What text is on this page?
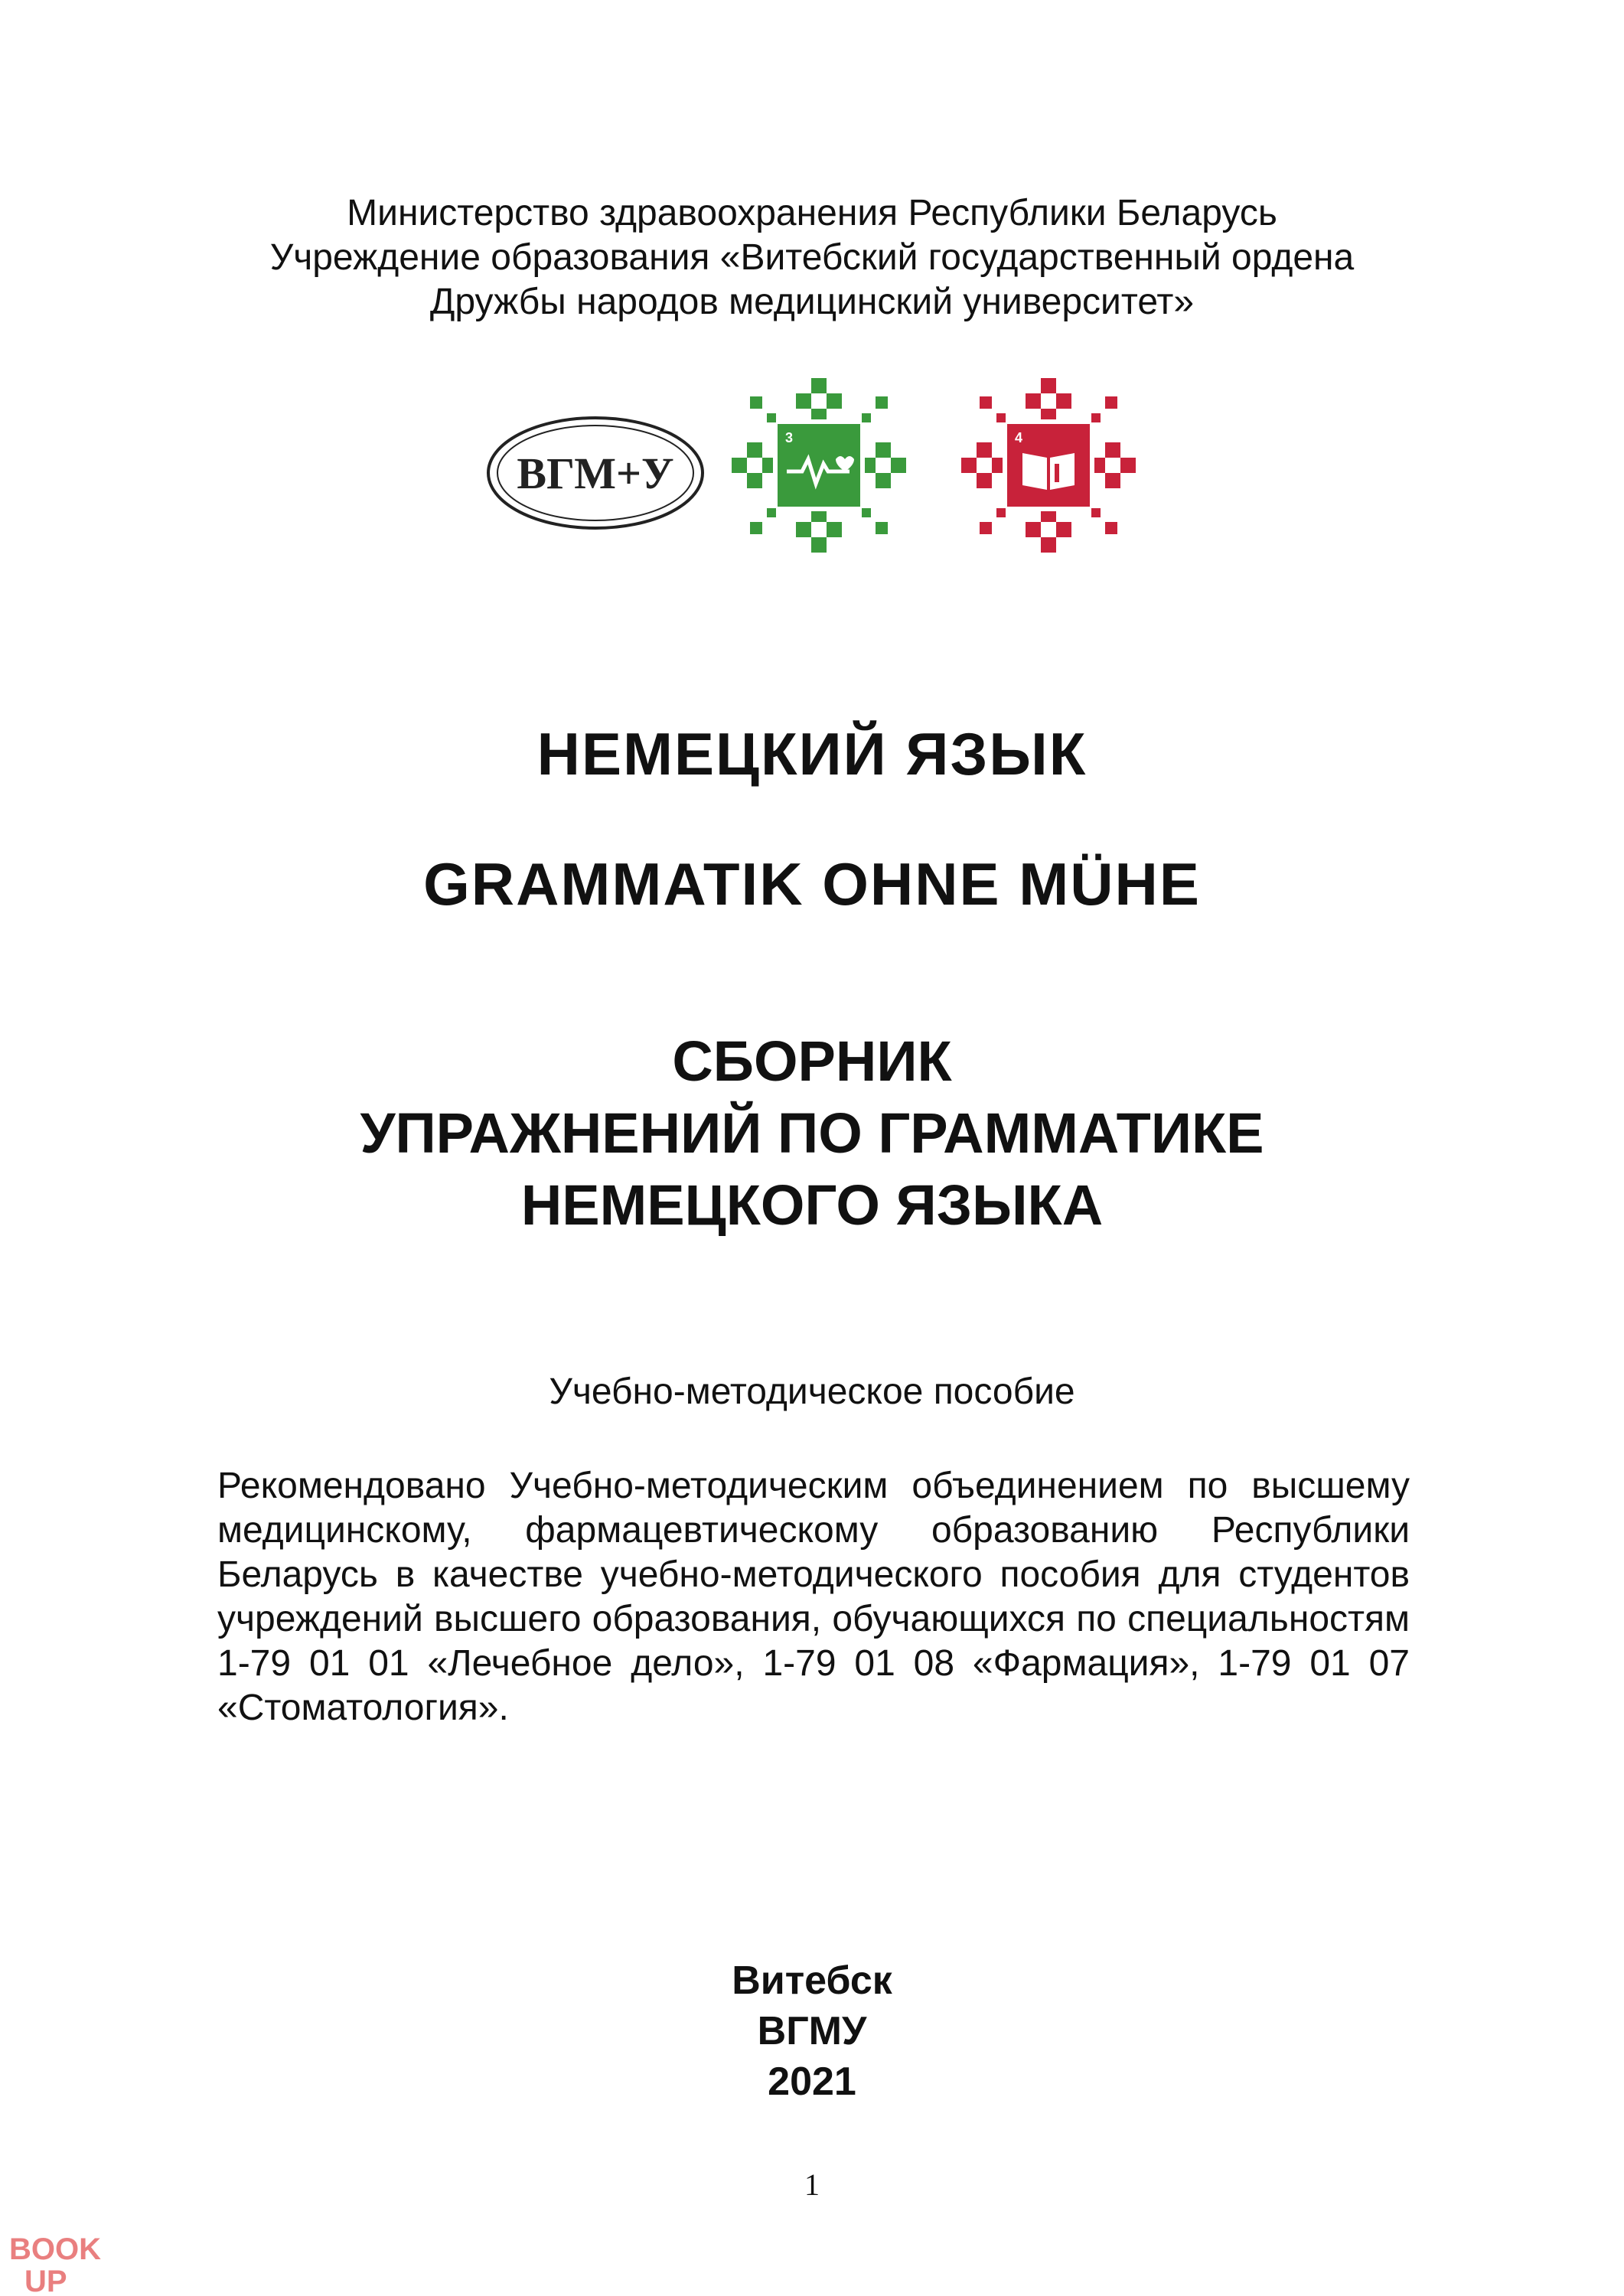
Министерство здравоохранения Республики Беларусь
Учреждение образования «Витебский государственный ордена
Дружбы народов медицинский университет»
ВГМ+У
3	4
НЕМЕЦКИЙ ЯЗЫК
GRAMMATIK OHNE MÜHE
СБОРНИК
УПРАЖНЕНИЙ ПО ГРАММАТИКЕ
НЕМЕЦКОГО ЯЗЫКА
Учебно-методическое пособие
Рекомендовано Учебно-методическим объединением по высшему медицинскому, фармацевтическому образованию Республики Беларусь в качестве учебно-методического пособия для студентов учреждений высшего образования, обучающихся по специальностям 1-79 01 01 «Лечебное дело», 1-79 01 08 «Фармация», 1-79 01 07 «Стоматология».
Витебск
ВГМУ
2021
1
BOOK
UP
